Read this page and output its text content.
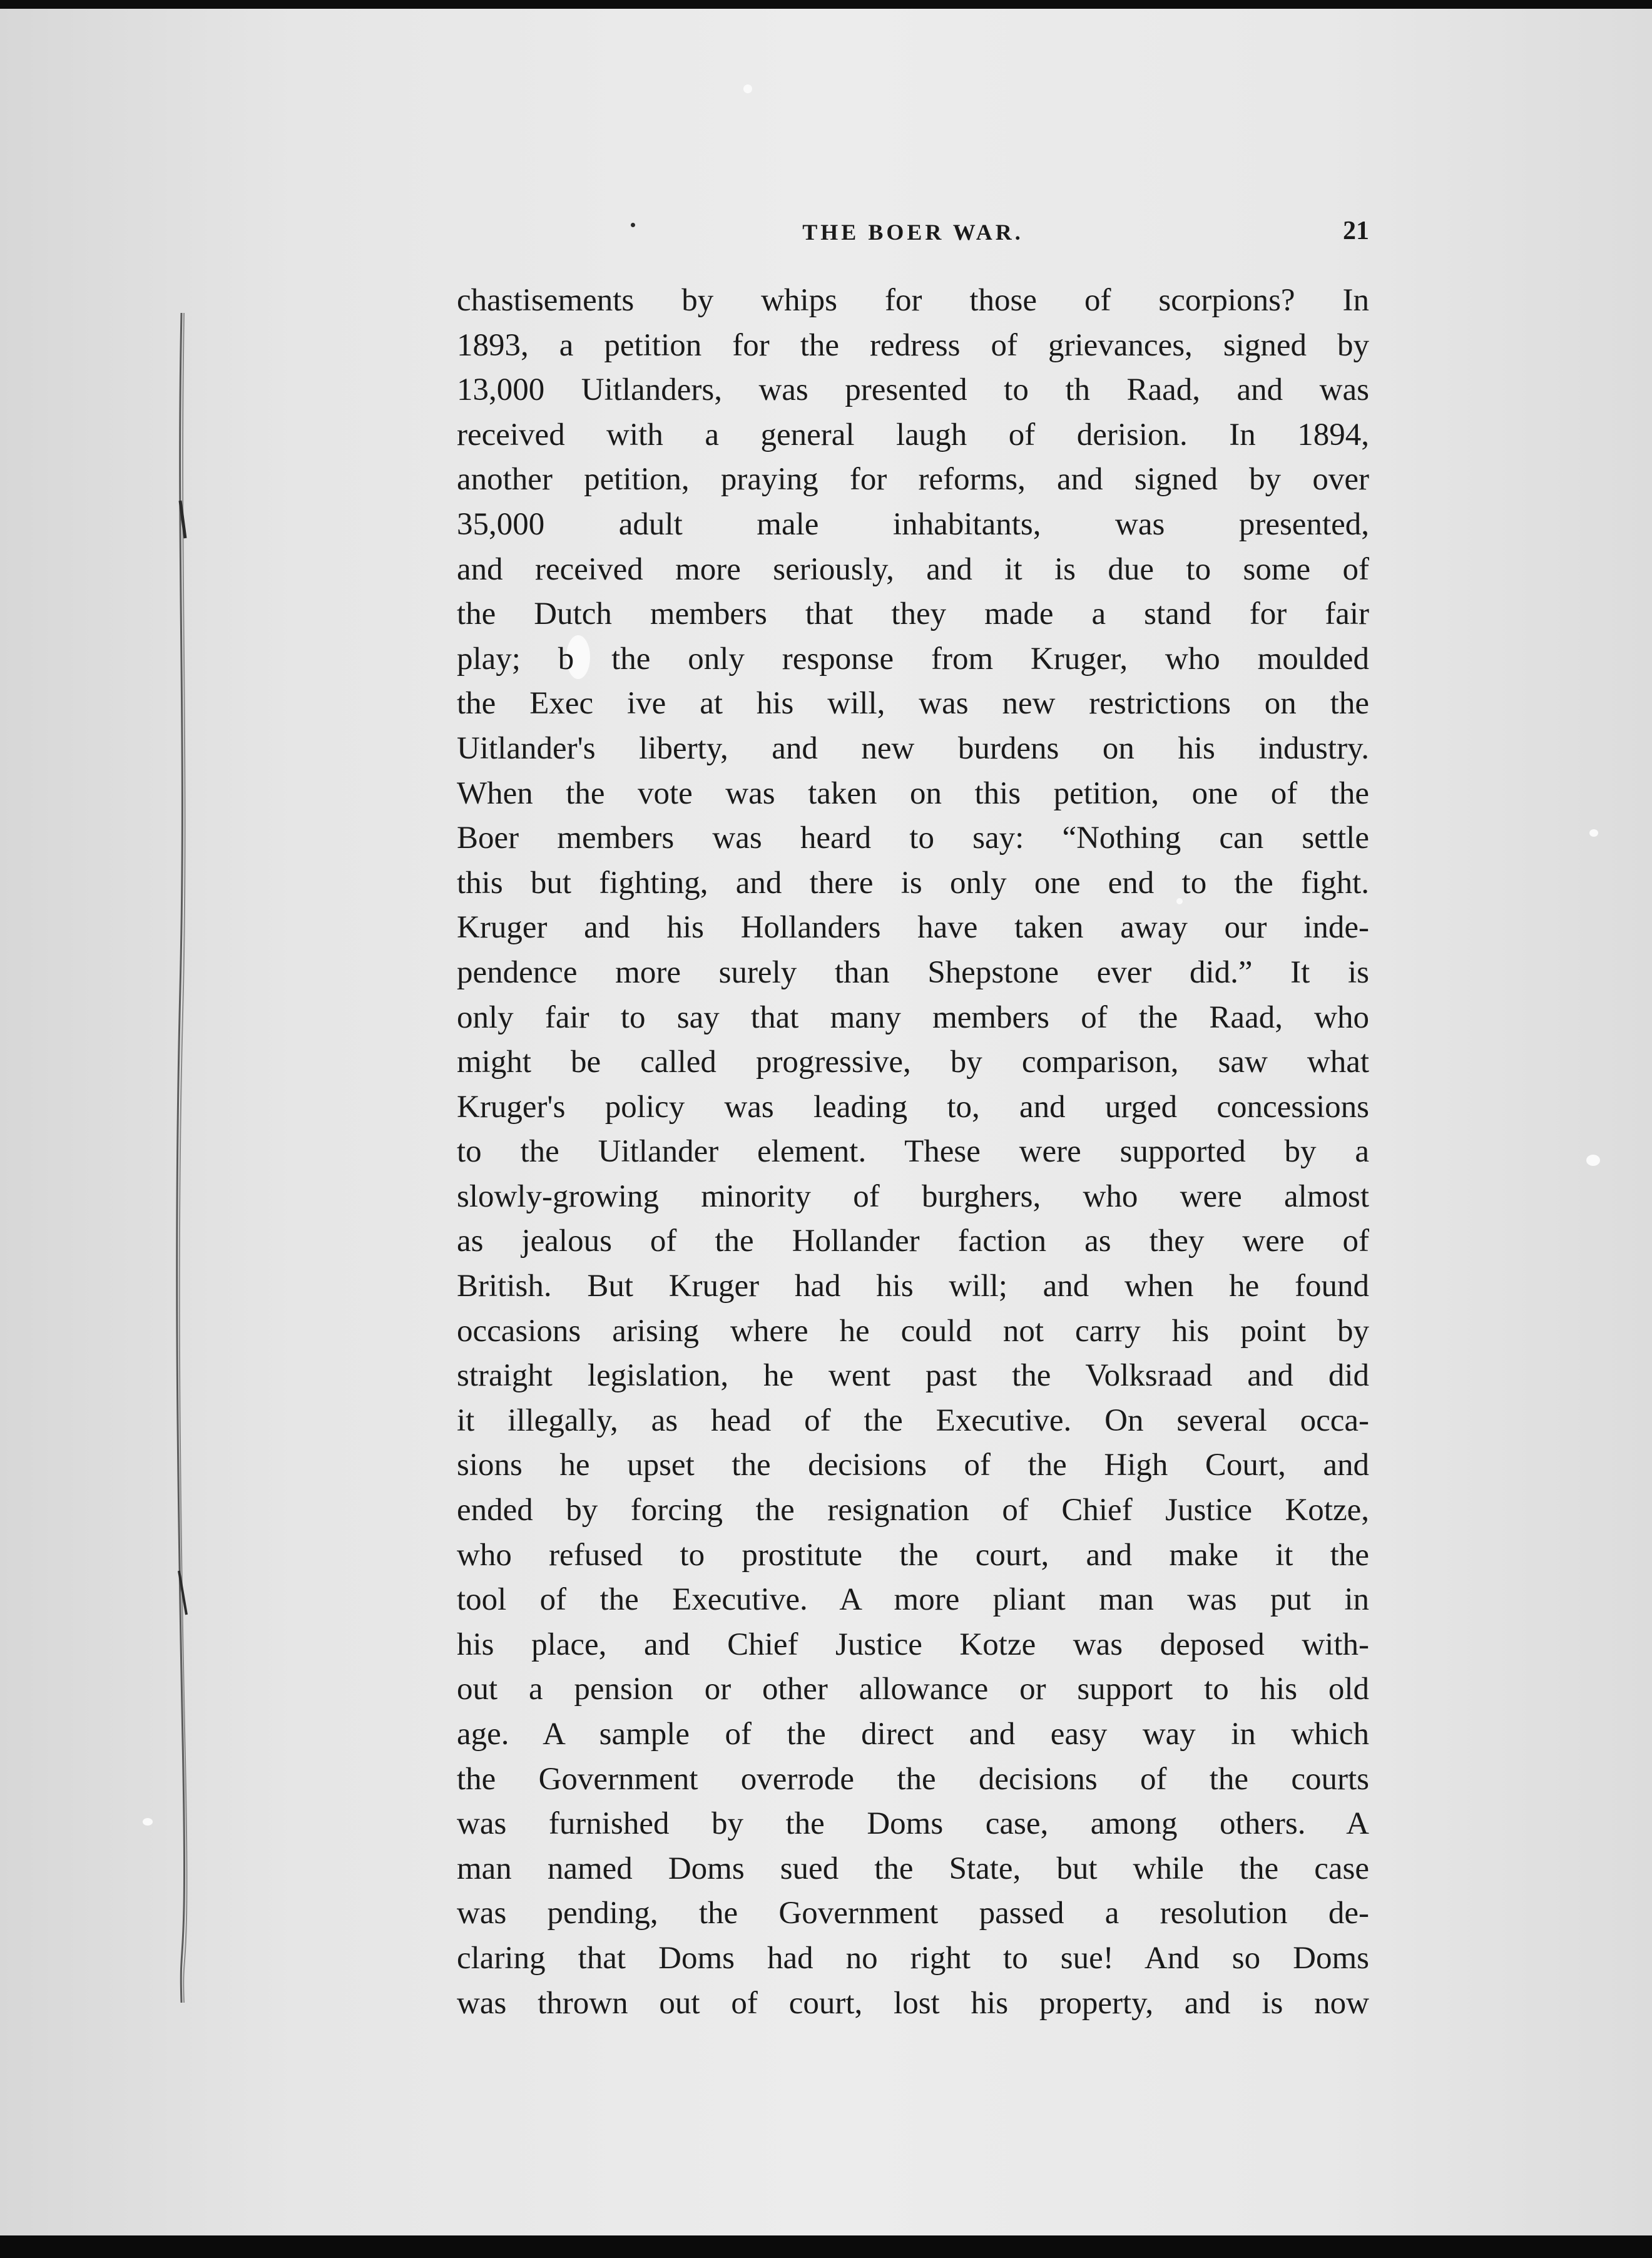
THE BOER WAR.	21
chastisements by whips for those of scorpions? In
1893, a petition for the redress of grievances, signed by
13,000 Uitlanders, was presented to th Raad, and was
received with a general laugh of derision. In 1894,
another petition, praying for reforms, and signed by over
35,000 adult male inhabitants, was presented,
and received more seriously, and it is due to some of
the Dutch members that they made a stand for fair
play; b the only response from Kruger, who moulded
the Exec ive at his will, was new restrictions on the
Uitlander's liberty, and new burdens on his industry.
When the vote was taken on this petition, one of the
Boer members was heard to say: “Nothing can settle
this but fighting, and there is only one end to the fight.
Kruger and his Hollanders have taken away our inde-
pendence more surely than Shepstone ever did.” It is
only fair to say that many members of the Raad, who
might be called progressive, by comparison, saw what
Kruger's policy was leading to, and urged concessions
to the Uitlander element. These were supported by a
slowly-growing minority of burghers, who were almost
as jealous of the Hollander faction as they were of
British. But Kruger had his will; and when he found
occasions arising where he could not carry his point by
straight legislation, he went past the Volksraad and did
it illegally, as head of the Executive. On several occa-
sions he upset the decisions of the High Court, and
ended by forcing the resignation of Chief Justice Kotze,
who refused to prostitute the court, and make it the
tool of the Executive. A more pliant man was put in
his place, and Chief Justice Kotze was deposed with-
out a pension or other allowance or support to his old
age. A sample of the direct and easy way in which
the Government overrode the decisions of the courts
was furnished by the Doms case, among others. A
man named Doms sued the State, but while the case
was pending, the Government passed a resolution de-
claring that Doms had no right to sue! And so Doms
was thrown out of court, lost his property, and is now
